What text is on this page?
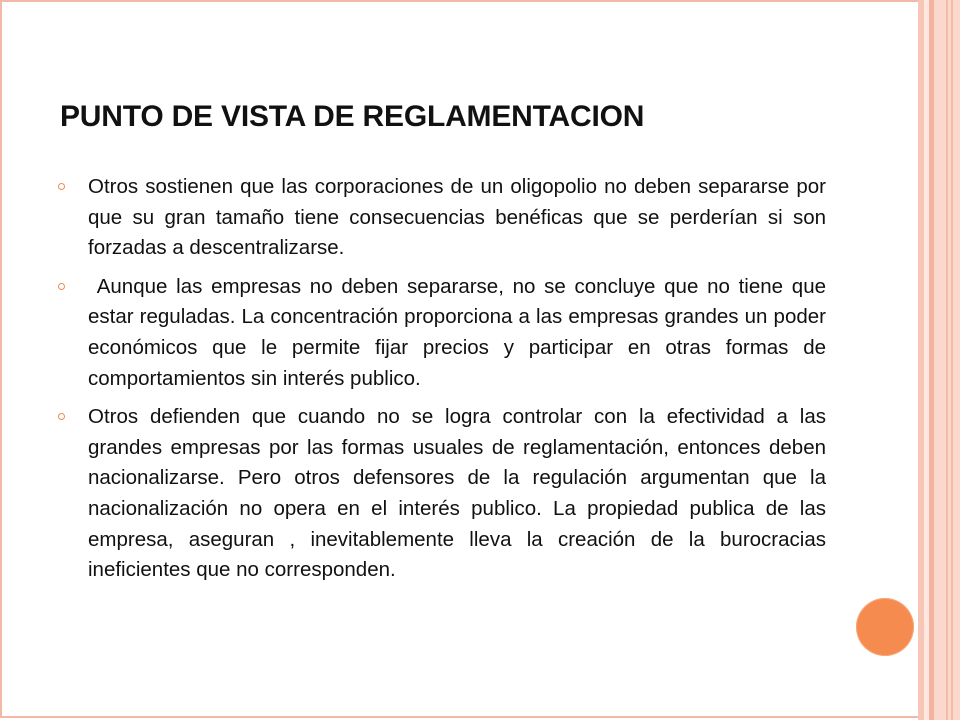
PUNTO DE VISTA DE REGLAMENTACION
Otros sostienen que las corporaciones de un oligopolio no deben separarse por que su gran tamaño tiene consecuencias benéficas que se perderían si son forzadas a descentralizarse.
Aunque las empresas no deben separarse, no se concluye que no tiene que estar reguladas. La concentración proporciona a las empresas grandes un poder económicos que le permite fijar precios y participar en otras formas de comportamientos sin interés publico.
Otros defienden que cuando no se logra controlar con la efectividad a las grandes empresas por las formas usuales de reglamentación, entonces deben nacionalizarse. Pero otros defensores de la regulación argumentan que la nacionalización no opera en el interés publico. La propiedad publica de las empresa, aseguran , inevitablemente lleva la creación de la burocracias ineficientes que no corresponden.
